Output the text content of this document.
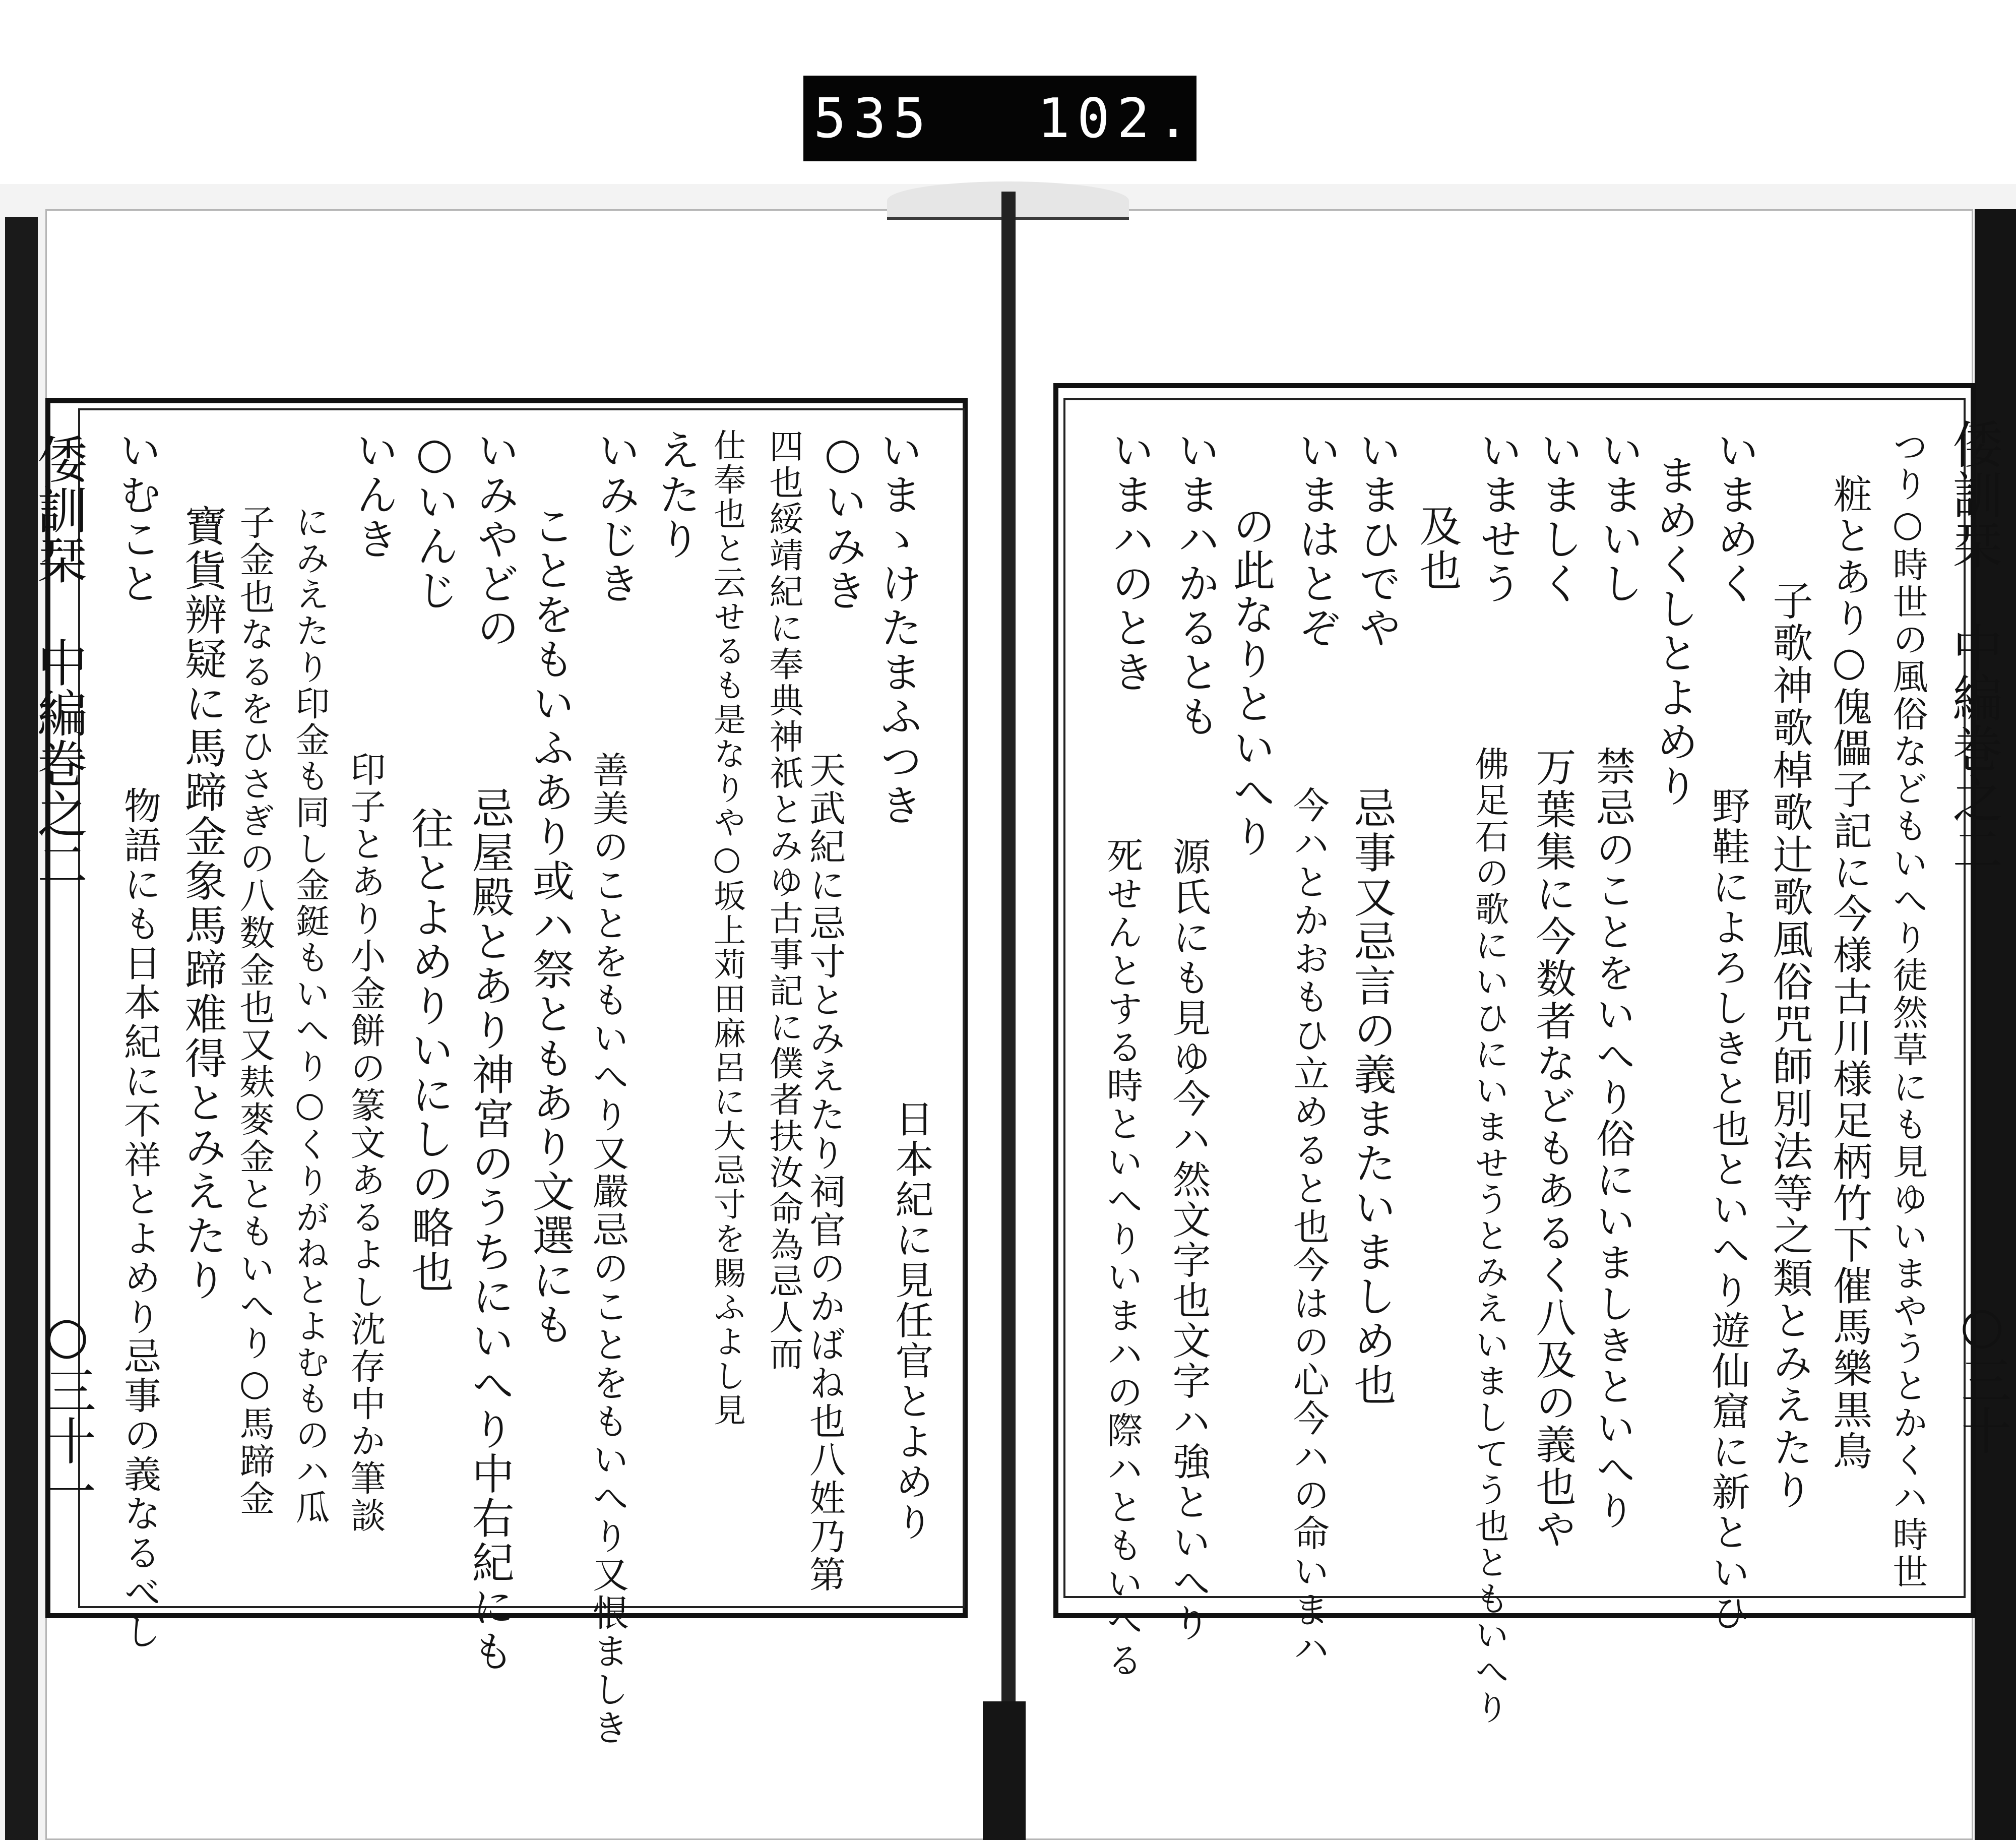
535 102.
倭訓栞  中編巻之二
○三十一
倭訓栞  中編巻之二
○三十
いまゝけたまふつき
日本紀に見任官とよめり
○いみき
天武紀に忌寸とみえたり祠官のかばね也八姓乃第
四也綏靖紀に奉典神祇とみゆ古事記に僕者扶汝命為忌人而
仕奉也と云せるも是なりや○坂上苅田麻呂に大忌寸を賜ふよし見
えたり
いみじき
善美のことをもいへり又嚴忌のことをもいへり又恨ましき
ことをもいふあり或ハ祭ともあり文選にも
いみやどの
忌屋殿とあり神宮のうちにいへり中右紀にも
○いんじ
往とよめりいにしの略也
いんき
印子とあり小金餅の篆文あるよし沈存中か筆談
にみえたり印金も同し金鋌もいへり○くりがねとよむものハ瓜
子金也なるをひさぎの八数金也又麸麥金ともいへり○馬蹄金
寶貨辨疑に馬蹄金象馬蹄难得とみえたり
いむこと
物語にも日本紀に不祥とよめり忌事の義なるべし	つり○時世の風俗などもいへり徒然草にも見ゆいまやうとかくハ時世
粧とあり○傀儡子記に今様古川様足柄竹下催馬樂黒鳥
子歌神歌棹歌辻歌風俗咒師別法等之類とみえたり
いまめく
野鞋によろしきと也といへり遊仙窟に新といひ
まめくしとよめり
いまいし
禁忌のことをいへり俗にいましきといへり
いましく
万葉集に今数者などもあるく八及の義也や
いませう
佛足石の歌にいひにいませうとみえいましてう也ともいへり
及也
いまひでや
忌事又忌言の義またいましめ也
いまはとぞ
今ハとかおもひ立めると也今はの心今ハの命いまハ
の此なりといへり
いまハかるとも
源氏にも見ゆ今ハ然文字也文字ハ強といへり
いまハのとき
死せんとする時といへりいまハの際ハともいへる
